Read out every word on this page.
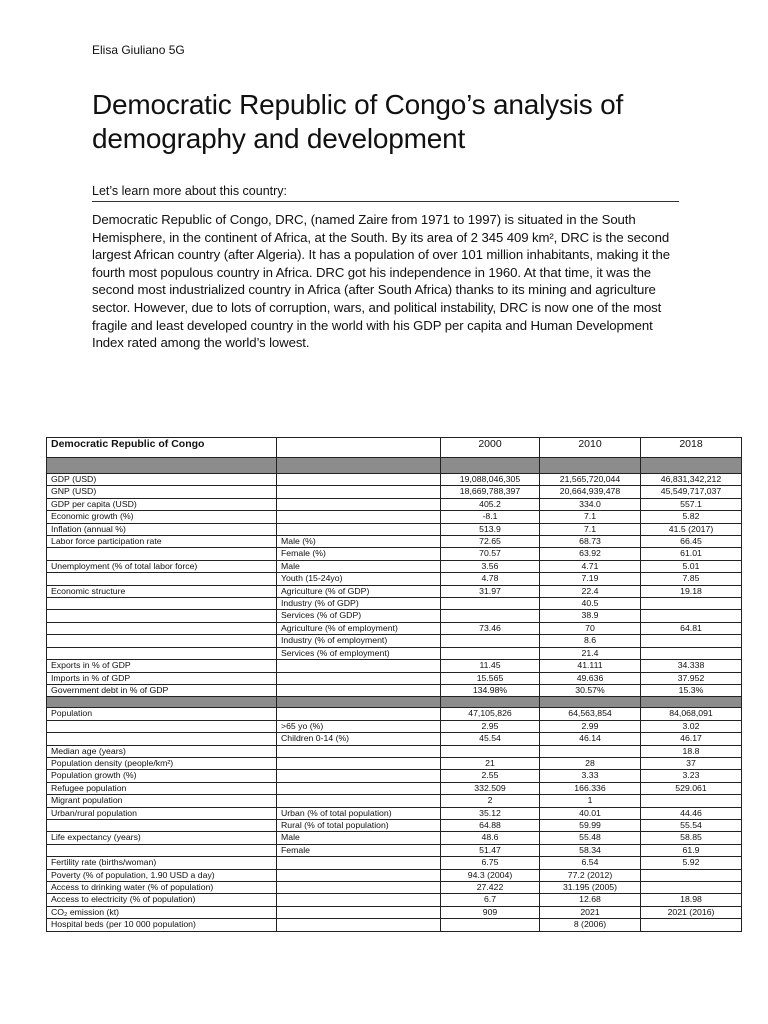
Elisa Giuliano 5G
Democratic Republic of Congo’s analysis of demography and development
Let’s learn more about this country:

Democratic Republic of Congo, DRC, (named Zaire from 1971 to 1997) is situated in the South Hemisphere, in the continent of Africa, at the South. By its area of 2 345 409 km², DRC is the second largest African country (after Algeria). It has a population of over 101 million inhabitants, making it the fourth most populous country in Africa. DRC got his independence in 1960. At that time, it was the second most industrialized country in Africa (after South Africa) thanks to its mining and agriculture sector. However, due to lots of corruption, wars, and political instability, DRC is now one of the most fragile and least developed country in the world with his GDP per capita and Human Development Index rated among the world’s lowest.

Democratic Republic of Congo		2000	2010	2018

GDP (USD)		19,088,046,305	21,565,720,044	46,831,342,212
GNP (USD)		18,669,788,397	20,664,939,478	45,549,717,037
GDP per capita (USD)		405.2	334.0	557.1
Economic growth (%)		-8.1	7.1	5.82
Inflation (annual %)		513.9	7.1	41.5 (2017)
Labor force participation rate	Male (%)	72.65	68.73	66.45
	Female (%)	70.57	63.92	61.01
Unemployment (% of total labor force)	Male	3.56	4.71	5.01
	Youth (15-24yo)	4.78	7.19	7.85
Economic structure	Agriculture (% of GDP)	31.97	22.4	19.18
	Industry (% of GDP)		40.5	
	Services (% of GDP)		38.9	
	Agriculture (% of employment)	73.46	70	64.81
	Industry (% of employment)		8.6	
	Services (% of employment)		21.4	
Exports in % of GDP		11.45	41.111	34.338
Imports in % of GDP		15.565	49.636	37.952
Government debt in % of GDP		134.98%	30.57%	15.3%

Population		47,105,826	64,563,854	84,068,091
	>65 yo (%)	2.95	2.99	3.02
	Children 0-14 (%)	45.54	46.14	46.17
Median age (years)				18.8
Population density (people/km²)		21	28	37
Population growth (%)		2.55	3.33	3.23
Refugee population		332.509	166.336	529.061
Migrant population		2	1	
Urban/rural population	Urban (% of total population)	35.12	40.01	44.46
	Rural (% of total population)	64.88	59.99	55.54
Life expectancy (years)	Male	48.6	55.48	58.85
	Female	51.47	58.34	61.9
Fertility rate (births/woman)		6.75	6.54	5.92
Poverty (% of population, 1.90 USD a day)		94.3 (2004)	77.2 (2012)	
Access to drinking water (% of population)		27.422	31.195 (2005)	
Access to electricity (% of population)		6.7	12.68	18.98
CO₂ emission (kt)		909	2021	2021 (2016)
Hospital beds (per 10 000 population)			8 (2006)	
